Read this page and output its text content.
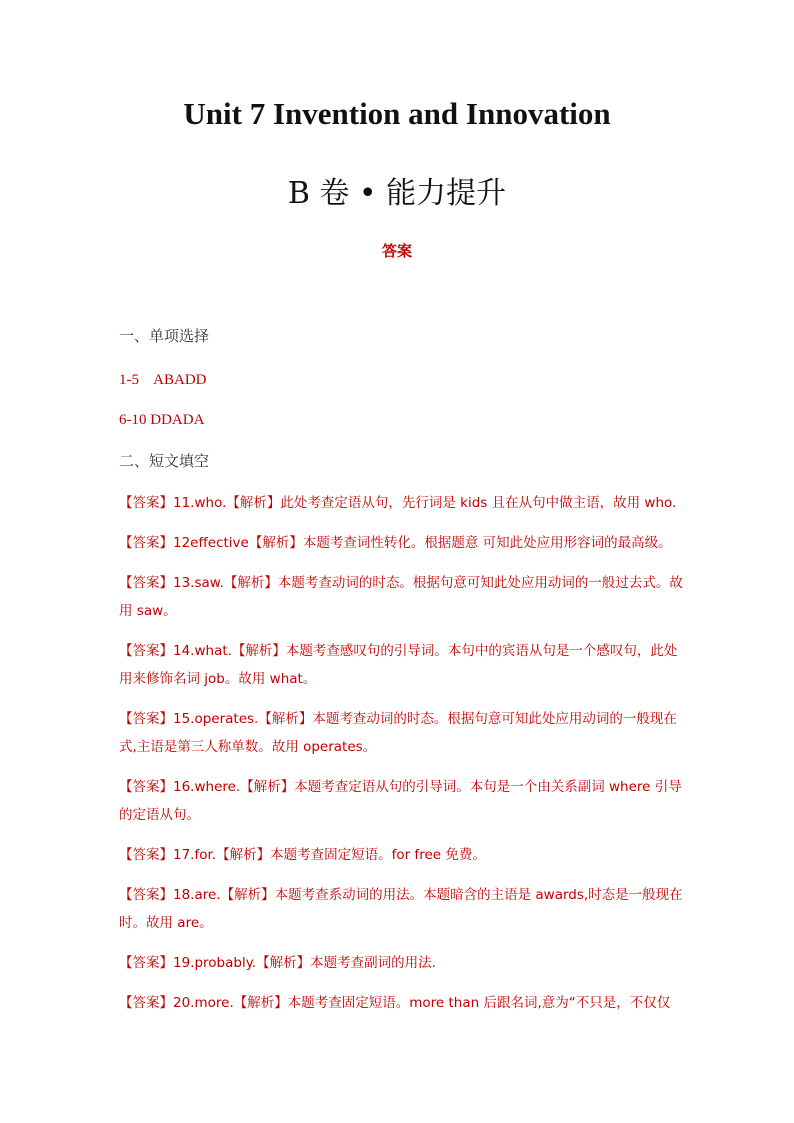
Unit 7 Invention and Innovation
B 卷 • 能力提升
答案
一、单项选择
1-5    ABADD
6-10 DDADA
二、短文填空
【答案】11.who.【解析】此处考查定语从句，先行词是 kids 且在从句中做主语，故用 who.
【答案】12effective【解析】本题考查词性转化。根据题意 可知此处应用形容词的最高级。
【答案】13.saw.【解析】本题考查动词的时态。根据句意可知此处应用动词的一般过去式。故用 saw。
【答案】14.what.【解析】本题考查感叹句的引导词。本句中的宾语从句是一个感叹句，此处用来修饰名词 job。故用 what。
【答案】15.operates.【解析】本题考查动词的时态。根据句意可知此处应用动词的一般现在式,主语是第三人称单数。故用 operates。
【答案】16.where.【解析】本题考查定语从句的引导词。本句是一个由关系副词 where 引导的定语从句。
【答案】17.for.【解析】本题考查固定短语。for free 免费。
【答案】18.are.【解析】本题考查系动词的用法。本题暗含的主语是 awards,时态是一般现在时。故用 are。
【答案】19.probably.【解析】本题考查副词的用法.
【答案】20.more.【解析】本题考查固定短语。more than 后跟名词,意为“不只是，不仅仅
